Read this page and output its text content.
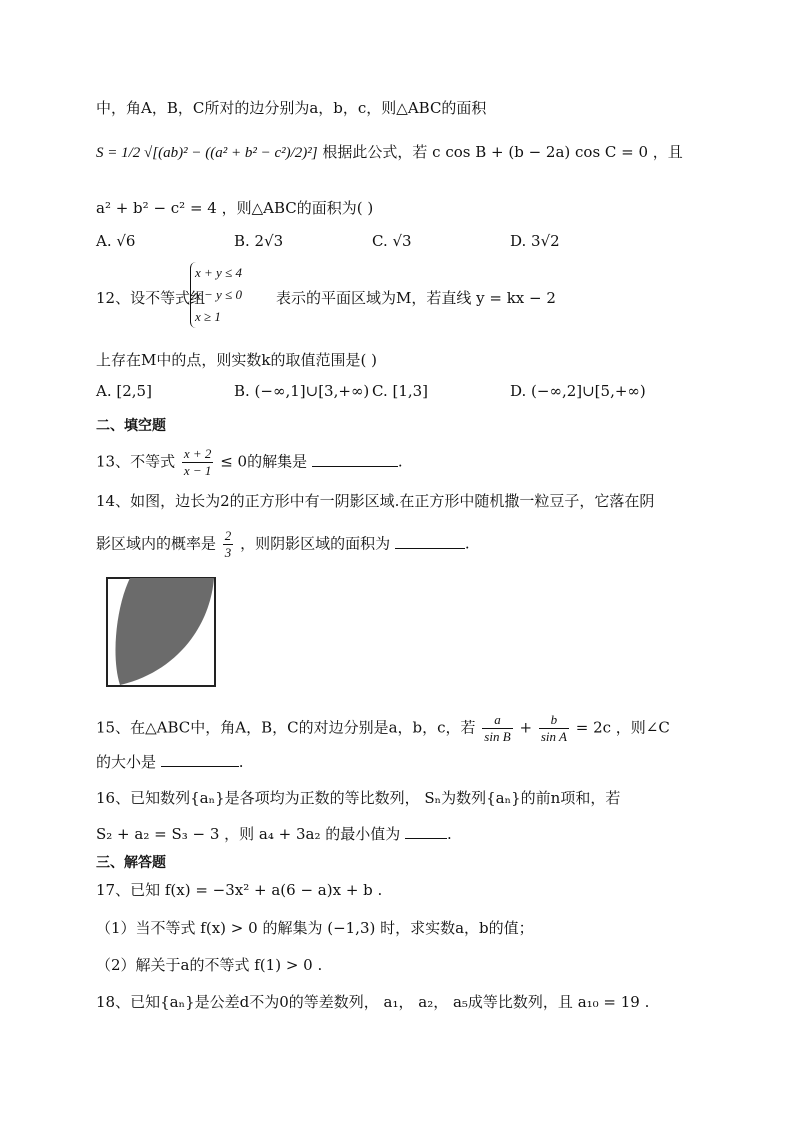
中，角A，B，C所对的边分别为a，b，c，则△ABC的面积
S = 1/2 √[(ab)² − ((a² + b² − c²)/2)²] 根据此公式，若 c cos B + (b − 2a) cos C = 0 ，且
a² + b² − c² = 4 ，则△ABC的面积为( )
A. √6	B. 2√3	C. √3	D. 3√2
12、设不等式组
x + y ≤ 4
x − y ≤ 0
x ≥ 1
表示的平面区域为M，若直线 y = kx − 2
上存在M中的点，则实数k的取值范围是( )
A. [2,5]	B. (−∞,1]∪[3,+∞) C. [1,3]	D. (−∞,2]∪[5,+∞)
二、填空题
13、不等式 $\frac{x + 2}{x - 1} \le 0$的解集是	.
14、如图，边长为2的正方形中有一阴影区域.在正方形中随机撒一粒豆子，它落在阴
影区域内的概率是 $\frac{2}{3}$ ，则阴影区域的面积为	.
15、在△ABC中，角A，B，C的对边分别是a，b，c，若 $\frac{a}{\text{sin B}} + \frac{b}{\text{sin A}} = 2c$ ，则∠C
的大小是	.
16、已知数列{aₙ}是各项均为正数的等比数列， Sₙ为数列{aₙ}的前n项和，若
S₂ + a₂ = S₃ − 3 ，则 a₄ + 3a₂ 的最小值为	.
三、解答题
17、已知 f(x) = −3x² + a(6 − a)x + b .
（1）当不等式 f(x) > 0 的解集为 (−1,3) 时，求实数a，b的值；
（2）解关于a的不等式 f(1) > 0 .
18、已知{aₙ}是公差d不为0的等差数列， a₁， a₂， a₅成等比数列，且 a₁₀ = 19 .
